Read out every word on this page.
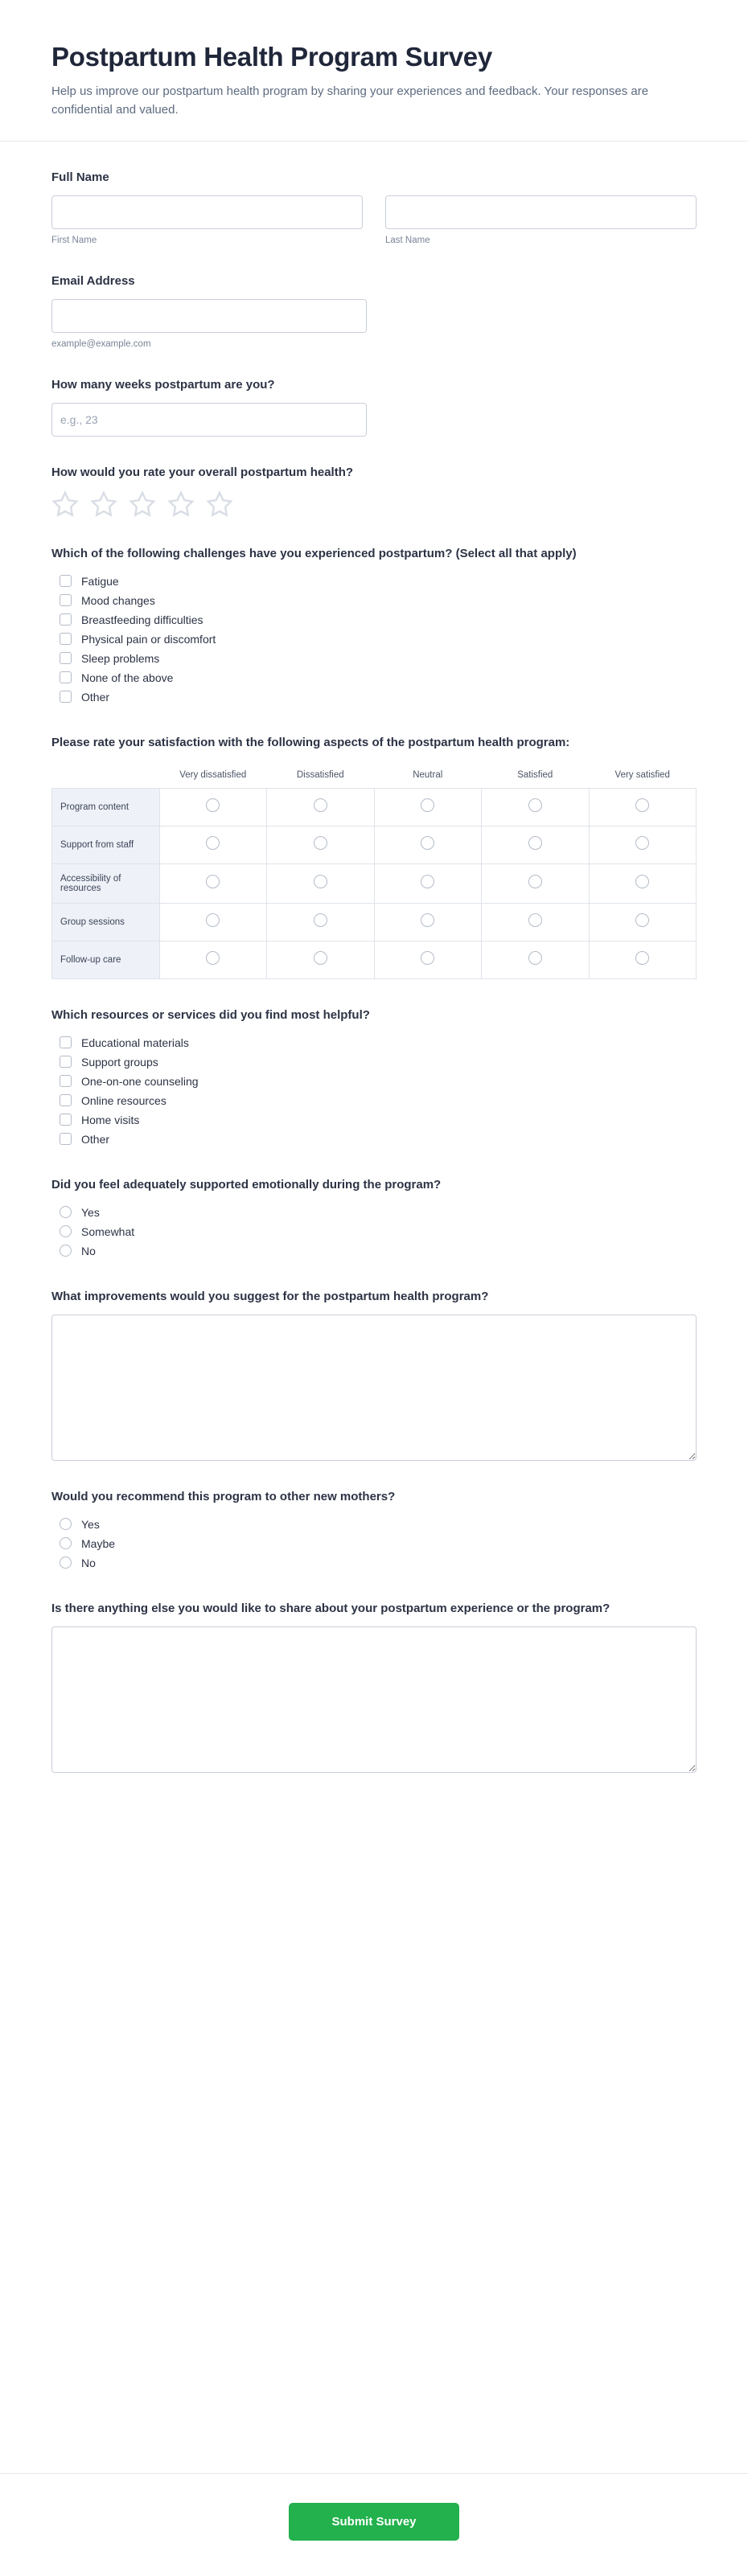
Postpartum Health Program Survey

Help us improve our postpartum health program by sharing your experiences and feedback. Your responses are confidential and valued.

Full Name
First Name	Last Name
Email Address
example@example.com
How many weeks postpartum are you?
e.g., 23
How would you rate your overall postpartum health?
Which of the following challenges have you experienced postpartum? (Select all that apply)
Fatigue
Mood changes
Breastfeeding difficulties
Physical pain or discomfort
Sleep problems
None of the above
Other
Please rate your satisfaction with the following aspects of the postpartum health program:
	Very dissatisfied	Dissatisfied	Neutral	Satisfied	Very satisfied
Program content					
Support from staff					
Accessibility of resources					
Group sessions					
Follow-up care					
Which resources or services did you find most helpful?
Educational materials
Support groups
One-on-one counseling
Online resources
Home visits
Other
Did you feel adequately supported emotionally during the program?
Yes
Somewhat
No
What improvements would you suggest for the postpartum health program?
Would you recommend this program to other new mothers?
Yes
Maybe
No
Is there anything else you would like to share about your postpartum experience or the program?
Submit Survey
